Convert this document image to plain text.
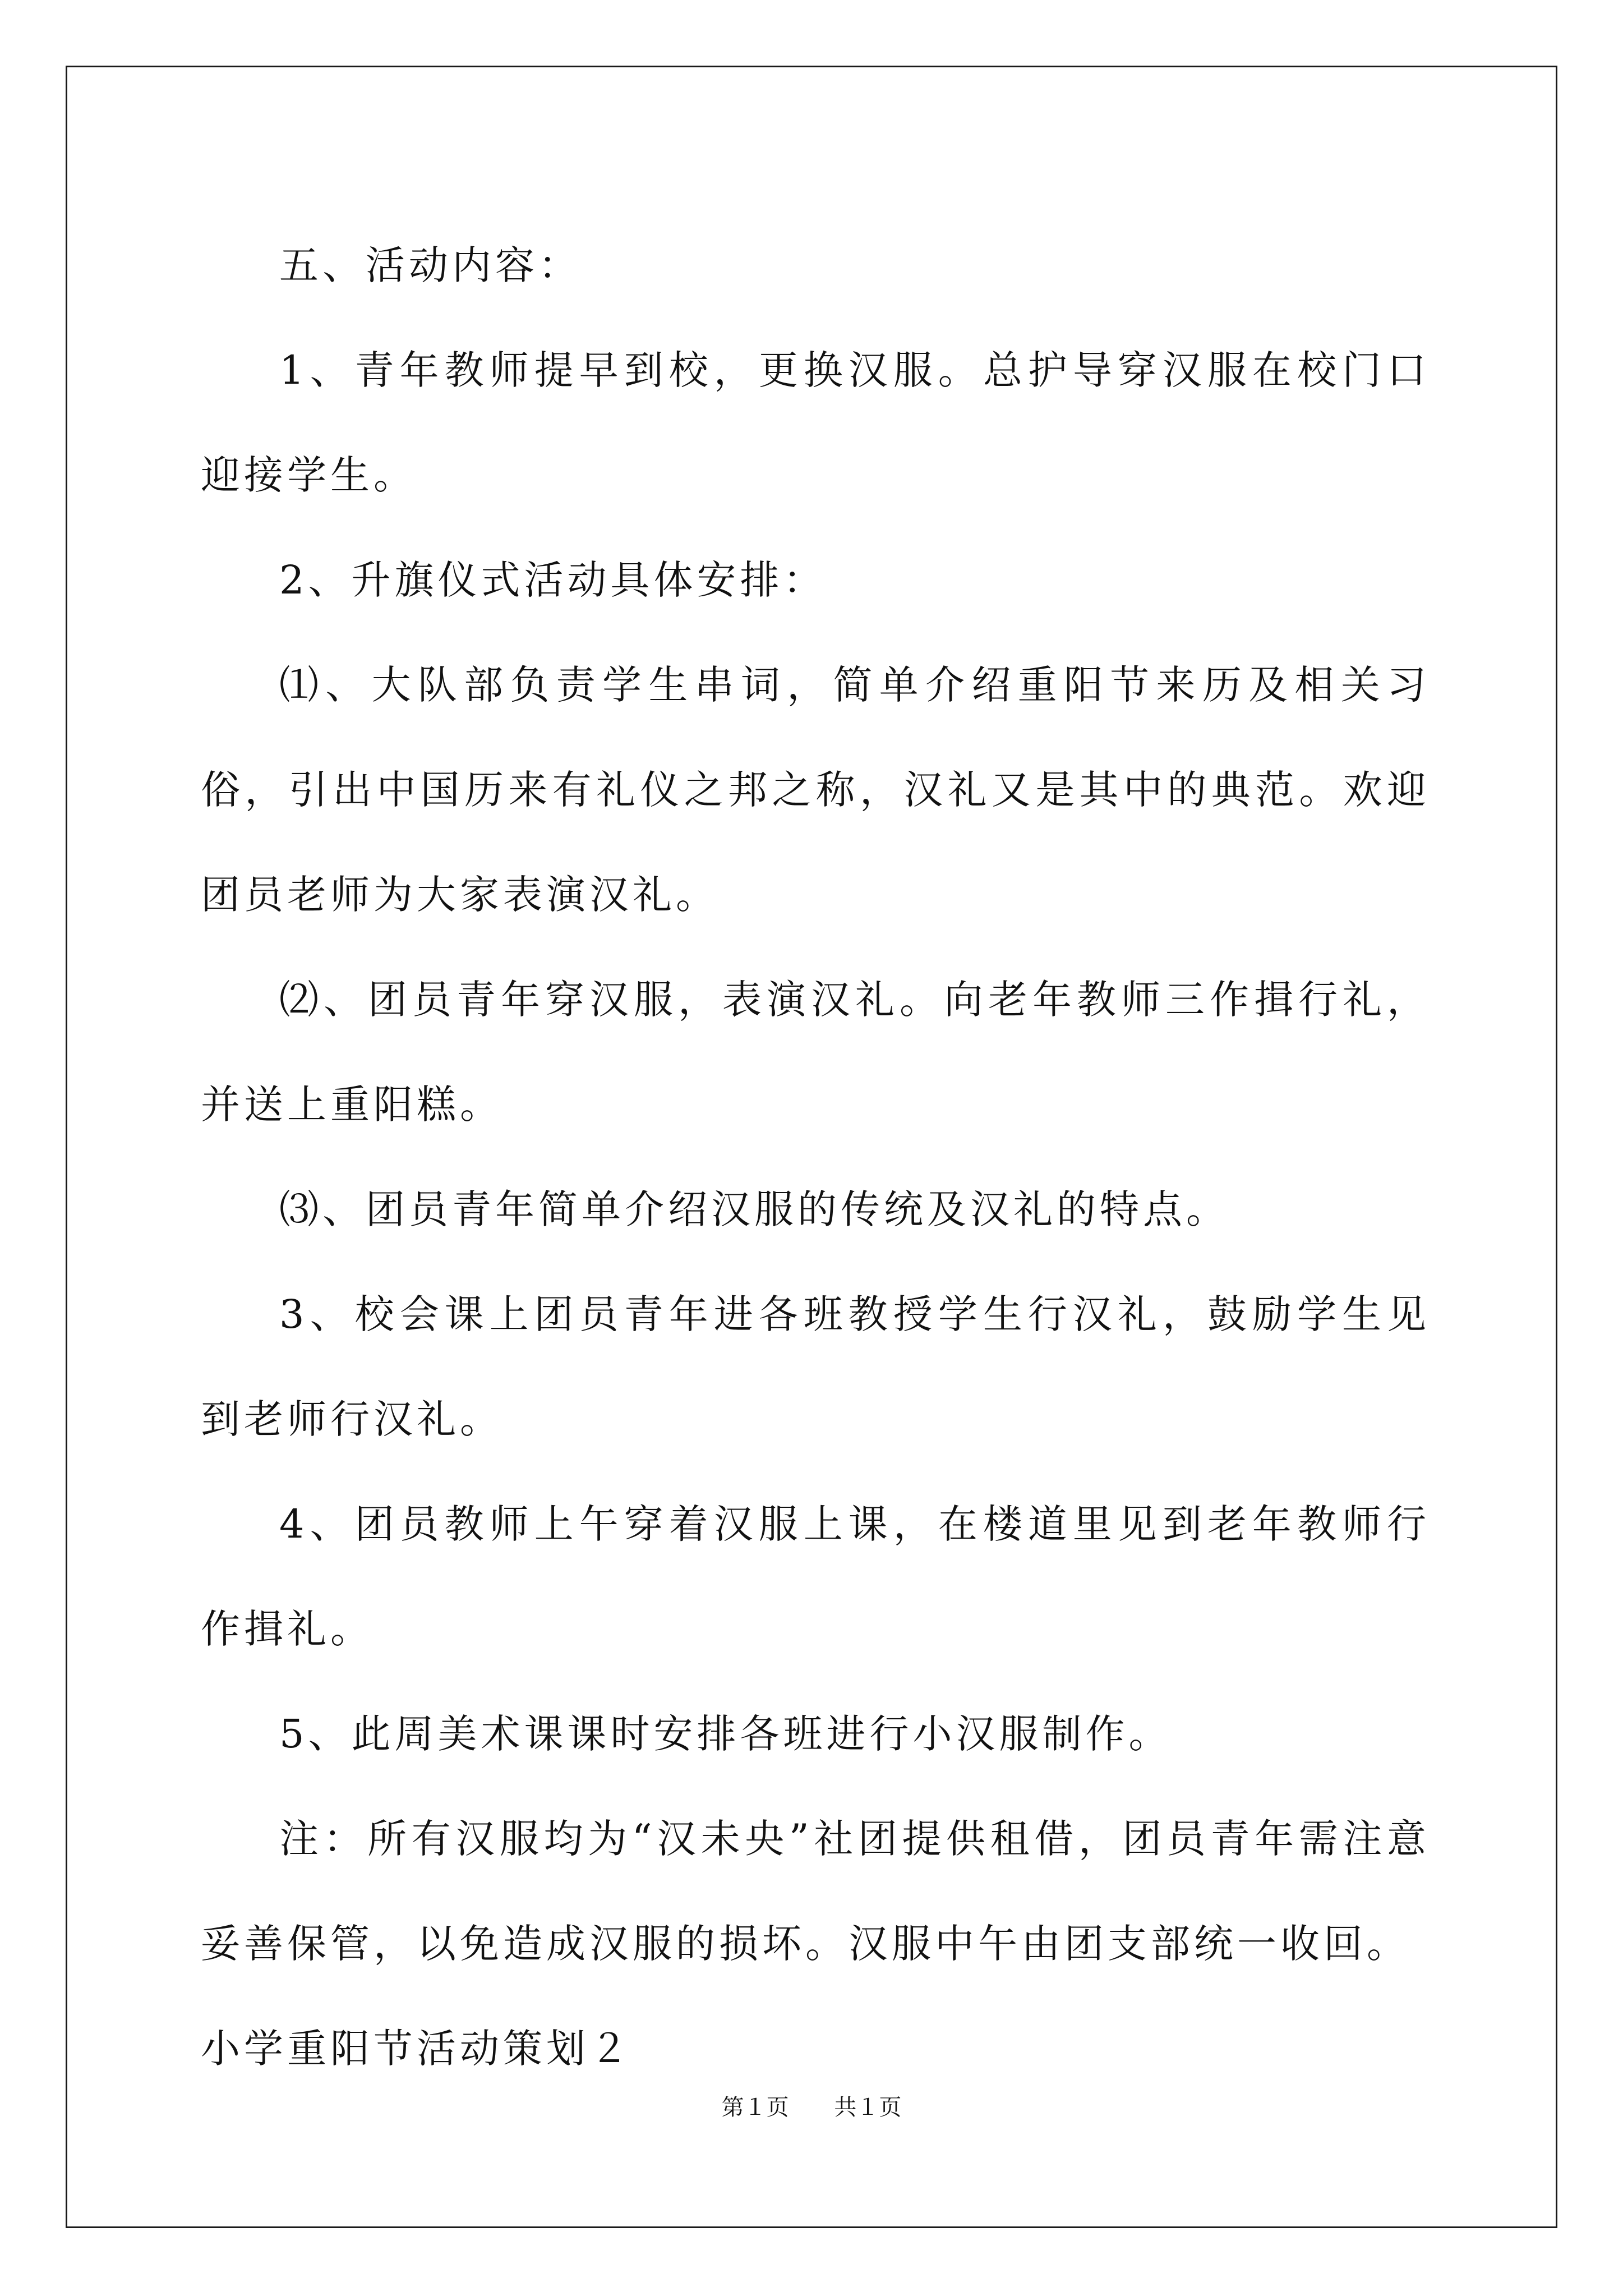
五、活动内容：

1、青年教师提早到校，更换汉服。总护导穿汉服在校门口迎接学生。

2、升旗仪式活动具体安排：

⑴、大队部负责学生串词，简单介绍重阳节来历及相关习俗，引出中国历来有礼仪之邦之称，汉礼又是其中的典范。欢迎团员老师为大家表演汉礼。

⑵、团员青年穿汉服，表演汉礼。向老年教师三作揖行礼，并送上重阳糕。

⑶、团员青年简单介绍汉服的传统及汉礼的特点。

3、校会课上团员青年进各班教授学生行汉礼，鼓励学生见到老师行汉礼。

4、团员教师上午穿着汉服上课，在楼道里见到老年教师行作揖礼。

5、此周美术课课时安排各班进行小汉服制作。

注：所有汉服均为“汉未央”社团提供租借，团员青年需注意妥善保管，以免造成汉服的损坏。汉服中午由团支部统一收回。

小学重阳节活动策划２

第１页 共１页
